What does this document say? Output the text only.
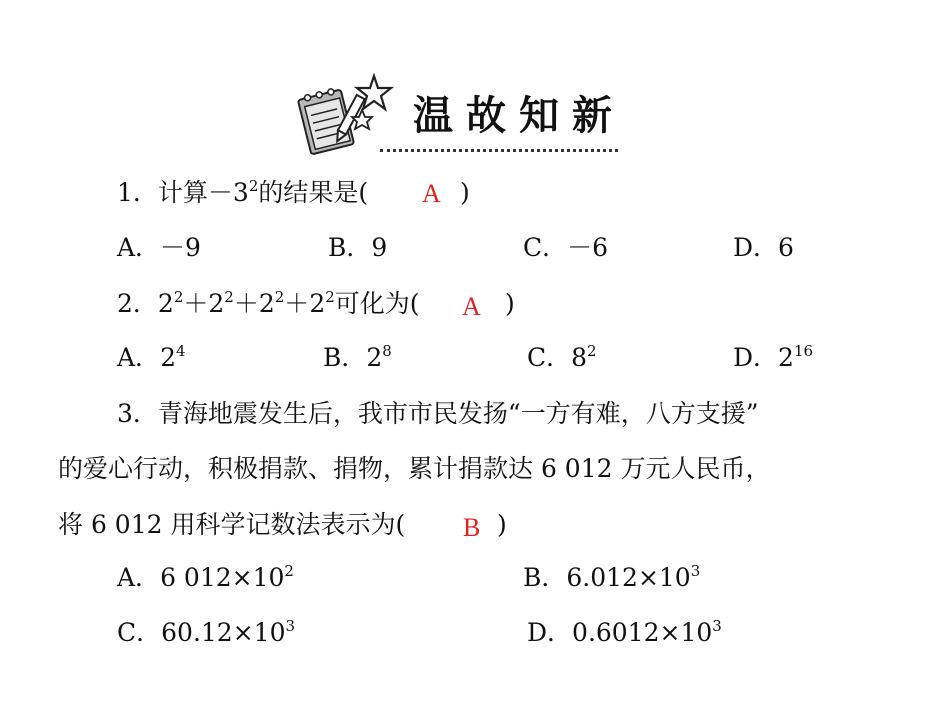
温故知新
1．计算$-3^2$的结果是( A )
A．－9	B．9	C．－6	D．6
2．$2^2+2^2+2^2+2^2$可化为( A )
A．$2^4$	B．$2^8$	C．$8^2$	D．$2^{16}$
3．青海地震发生后，我市市民发扬“一方有难，八方支援”
的爱心行动，积极捐款、捐物，累计捐款达 6 012 万元人民币，
将 6 012 用科学记数法表示为( B )
A．6 $012\times 10^2$	B．$6.012\times 10^3$
C．$60.12\times 10^3$	D．$0.6012\times 10^3$
